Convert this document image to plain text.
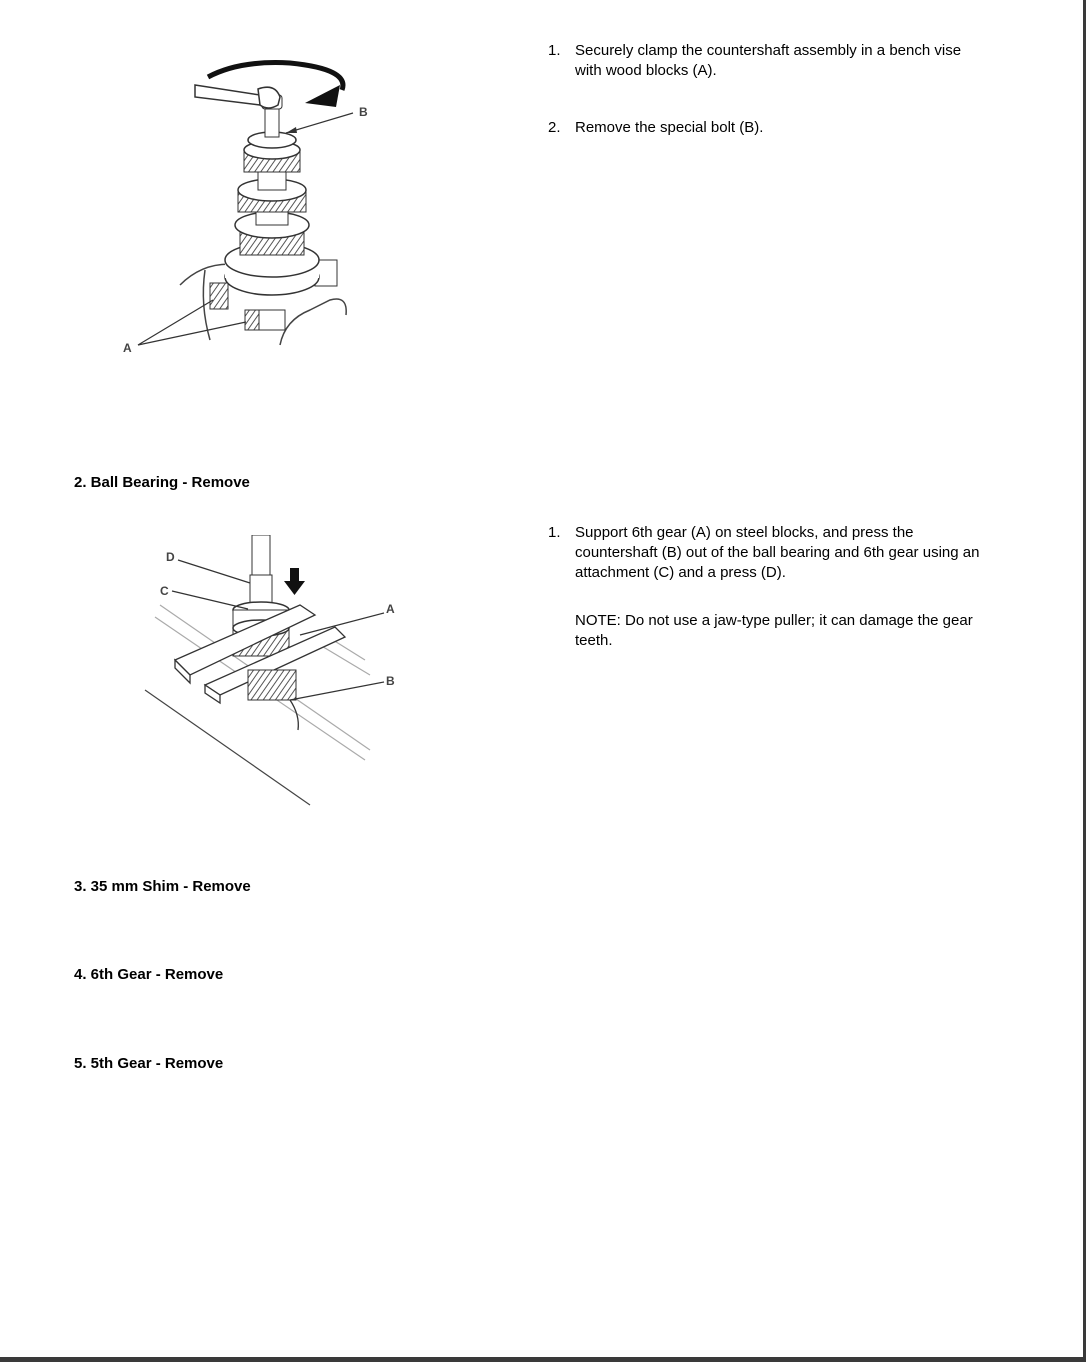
B
A
1. Securely clamp the countershaft assembly in a bench vise with wood blocks (A).
2. Remove the special bolt (B).
2. Ball Bearing - Remove
D
C
A
B
1. Support 6th gear (A) on steel blocks, and press the countershaft (B) out of the ball bearing and 6th gear using an attachment (C) and a press (D).
NOTE: Do not use a jaw-type puller; it can damage the gear teeth.
3. 35 mm Shim - Remove
4. 6th Gear - Remove
5. 5th Gear - Remove
